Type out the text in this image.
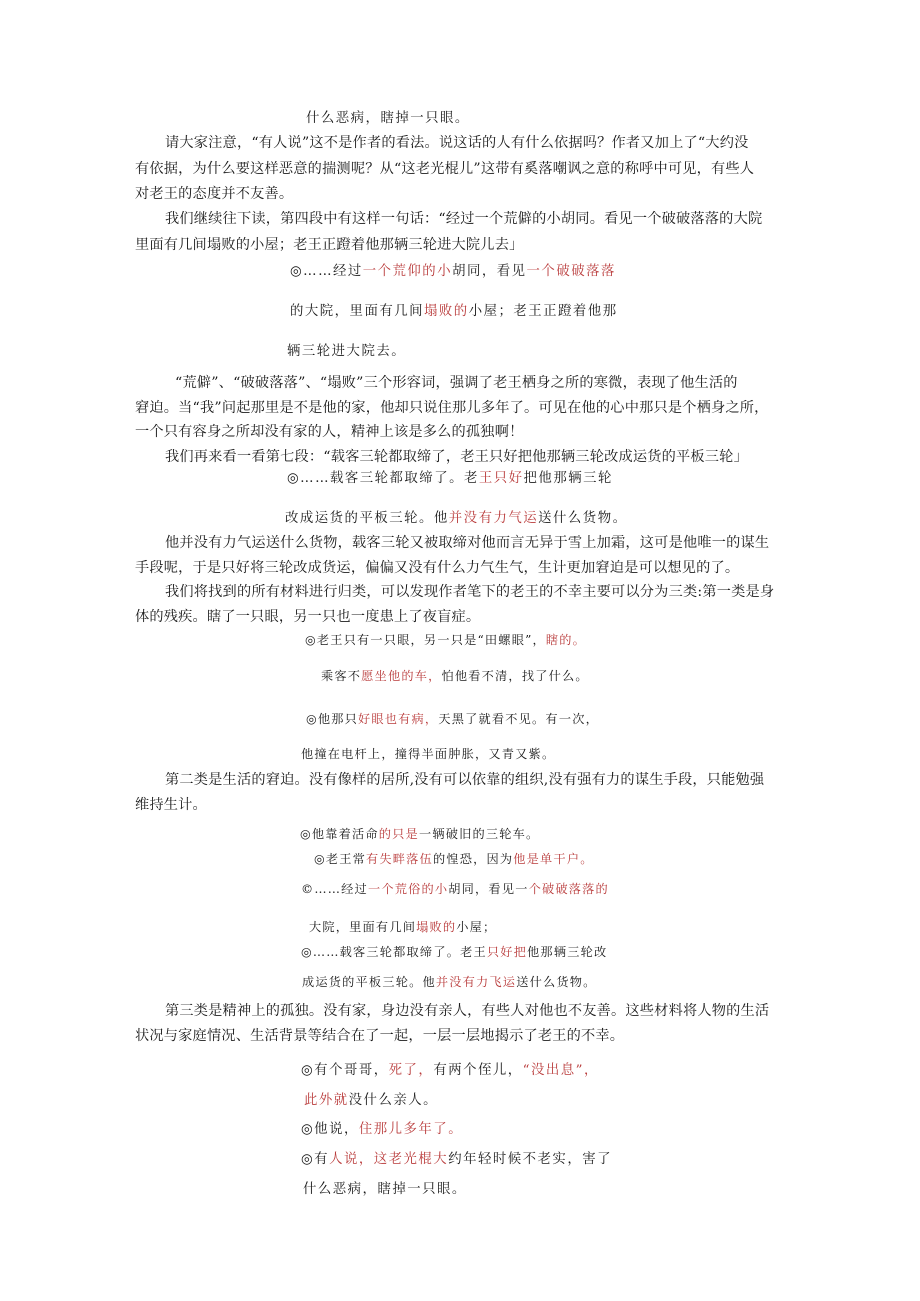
什么恶病，瞎掉一只眼。
请大家注意，“有人说”这不是作者的看法。说这话的人有什么依据吗？作者又加上了“大约没
有依据，为什么要这样恶意的揣测呢？从“这老光棍儿”这带有奚落嘲讽之意的称呼中可见，有些人
对老王的态度并不友善。
我们继续往下读，第四段中有这样一句话：“经过一个荒僻的小胡同。看见一个破破落落的大院
里面有几间塌败的小屋；老王正蹬着他那辆三轮进大院儿去」
◎……经过一个荒仰的小胡同，看见一个破破落落
的大院，里面有几间塌败的小屋；老王正蹬着他那
辆三轮进大院去。
“荒僻”、“破破落落”、“塌败”三个形容词，强调了老王栖身之所的寒微，表现了他生活的
窘迫。当“我”问起那里是不是他的家，他却只说住那儿多年了。可见在他的心中那只是个栖身之所，
一个只有容身之所却没有家的人，精神上该是多么的孤独啊！
我们再来看一看第七段：“载客三轮都取缔了，老王只好把他那辆三轮改成运货的平板三轮」
◎……载客三轮都取缔了。老王只好把他那辆三轮
改成运货的平板三轮。他并没有力气运送什么货物。
他并没有力气运送什么货物，载客三轮又被取缔对他而言无异于雪上加霜，这可是他唯一的谋生
手段呢，于是只好将三轮改成货运，偏偏又没有什么力气生气，生计更加窘迫是可以想见的了。
我们将找到的所有材料进行归类，可以发现作者笔下的老王的不幸主要可以分为三类:第一类是身
体的残疾。瞎了一只眼，另一只也一度患上了夜盲症。
◎老王只有一只眼，另一只是“田螺眼”，瞎的。
乘客不愿坐他的车，怕他看不清，找了什么。
◎他那只好眼也有病，天黑了就看不见。有一次，
他撞在电杆上，撞得半面肿胀，又青又紫。
第二类是生活的窘迫。没有像样的居所,没有可以依靠的组织,没有强有力的谋生手段，只能勉强
维持生计。
◎他靠着活命的只是一辆破旧的三轮车。
◎老王常有失畔落伍的惶恐，因为他是单干户。
©……经过一个荒俗的小胡同，看见一个破破落落的
大院，里面有几间塌败的小屋；
◎……载客三轮都取缔了。老王只好把他那辆三轮改
成运货的平板三轮。他并没有力飞运送什么货物。
第三类是精神上的孤独。没有家，身边没有亲人，有些人对他也不友善。这些材料将人物的生活
状况与家庭情况、生活背景等结合在了一起，一层一层地揭示了老王的不幸。
◎有个哥哥，死了，有两个侄儿，“没出息”，
此外就没什么亲人。
◎他说，住那儿多年了。
◎有人说，这老光棍大约年轻时候不老实，害了
什么恶病，瞎掉一只眼。
